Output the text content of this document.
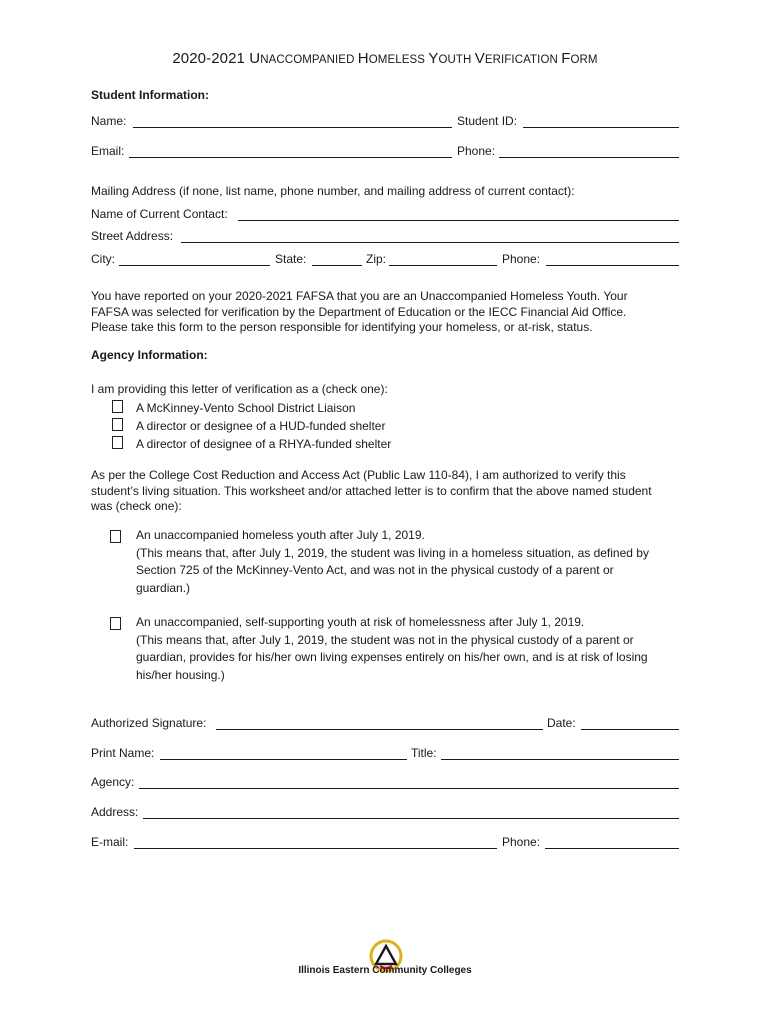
2020-2021 UNACCOMPANIED HOMELESS YOUTH VERIFICATION FORM
Student Information:
Name:	Student ID:
Email:	Phone:
Mailing Address (if none, list name, phone number, and mailing address of current contact):
Name of Current Contact:
Street Address:
City:	State:	Zip:	Phone:
You have reported on your 2020-2021 FAFSA that you are an Unaccompanied Homeless Youth. Your
FAFSA was selected for verification by the Department of Education or the IECC Financial Aid Office.
Please take this form to the person responsible for identifying your homeless, or at-risk, status.
Agency Information:
I am providing this letter of verification as a (check one):
A McKinney-Vento School District Liaison
A director or designee of a HUD-funded shelter
A director of designee of a RHYA-funded shelter
As per the College Cost Reduction and Access Act (Public Law 110-84), I am authorized to verify this
student’s living situation. This worksheet and/or attached letter is to confirm that the above named student
was (check one):
An unaccompanied homeless youth after July 1, 2019.
(This means that, after July 1, 2019, the student was living in a homeless situation, as defined by
Section 725 of the McKinney-Vento Act, and was not in the physical custody of a parent or
guardian.)
An unaccompanied, self-supporting youth at risk of homelessness after July 1, 2019.
(This means that, after July 1, 2019, the student was not in the physical custody of a parent or
guardian, provides for his/her own living expenses entirely on his/her own, and is at risk of losing
his/her housing.)
Authorized Signature:	Date:
Print Name:	Title:
Agency:
Address:
E-mail:	Phone:
Illinois Eastern Community Colleges
